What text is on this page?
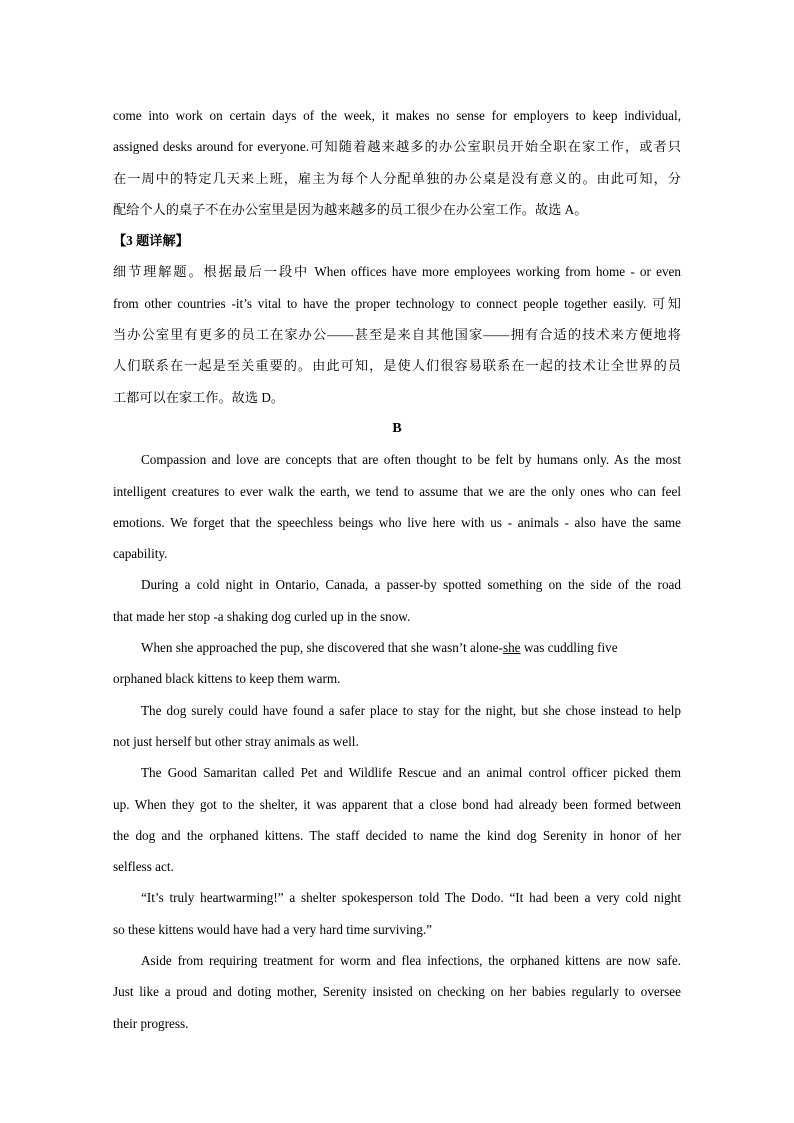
come into work on certain days of the week, it makes no sense for employers to keep individual,
assigned desks around for everyone.可知随着越来越多的办公室职员开始全职在家工作，或者只
在一周中的特定几天来上班，雇主为每个人分配单独的办公桌是没有意义的。由此可知，分
配给个人的桌子不在办公室里是因为越来越多的员工很少在办公室工作。故选 A。
【3 题详解】
细节理解题。根据最后一段中 When offices have more employees working from home - or even
from other countries -it’s vital to have the proper technology to connect people together easily. 可知
当办公室里有更多的员工在家办公——甚至是来自其他国家——拥有合适的技术来方便地将
人们联系在一起是至关重要的。由此可知，是使人们很容易联系在一起的技术让全世界的员
工都可以在家工作。故选 D。
B
Compassion and love are concepts that are often thought to be felt by humans only. As the most
intelligent creatures to ever walk the earth, we tend to assume that we are the only ones who can feel
emotions. We forget that the speechless beings who live here with us - animals - also have the same
capability.
During a cold night in Ontario, Canada, a passer-by spotted something on the side of the road
that made her stop -a shaking dog curled up in the snow.
When she approached the pup, she discovered that she wasn’t alone-she was cuddling five
orphaned black kittens to keep them warm.
The dog surely could have found a safer place to stay for the night, but she chose instead to help
not just herself but other stray animals as well.
The Good Samaritan called Pet and Wildlife Rescue and an animal control officer picked them
up. When they got to the shelter, it was apparent that a close bond had already been formed between
the dog and the orphaned kittens. The staff decided to name the kind dog Serenity in honor of her
selfless act.
“It’s truly heartwarming!” a shelter spokesperson told The Dodo. “It had been a very cold night
so these kittens would have had a very hard time surviving.”
Aside from requiring treatment for worm and flea infections, the orphaned kittens are now safe.
Just like a proud and doting mother, Serenity insisted on checking on her babies regularly to oversee
their progress.
